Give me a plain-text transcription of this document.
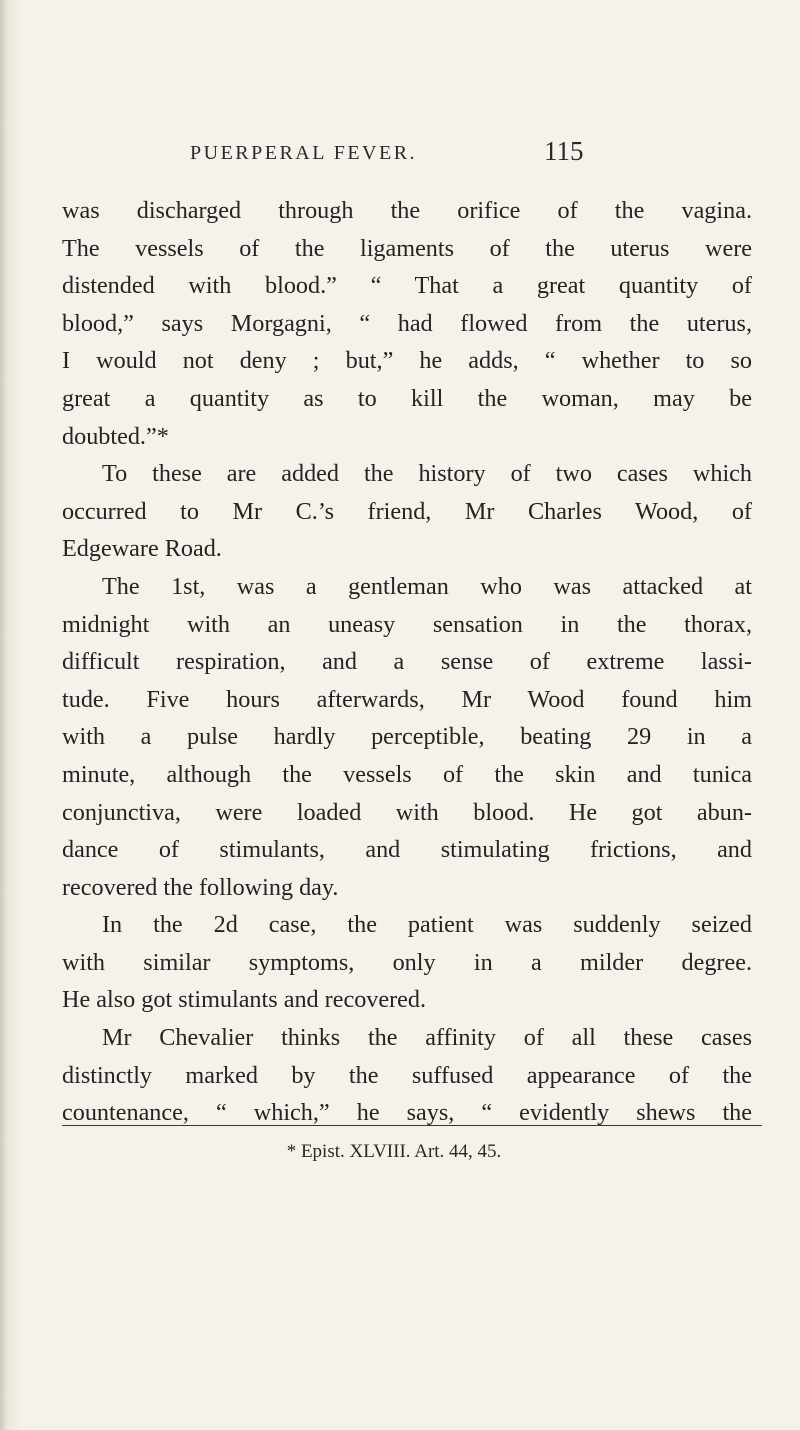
PUERPERAL FEVER.	115
was discharged through the orifice of the vagina.
The vessels of the ligaments of the uterus were
distended with blood.” “ That a great quantity of
blood,” says Morgagni, “ had flowed from the uterus,
I would not deny ; but,” he adds, “ whether to so
great a quantity as to kill the woman, may be
doubted.”*
To these are added the history of two cases which
occurred to Mr C.’s friend, Mr Charles Wood, of
Edgeware Road.
The 1st, was a gentleman who was attacked at
midnight with an uneasy sensation in the thorax,
difficult respiration, and a sense of extreme lassi-
tude. Five hours afterwards, Mr Wood found him
with a pulse hardly perceptible, beating 29 in a
minute, although the vessels of the skin and tunica
conjunctiva, were loaded with blood. He got abun-
dance of stimulants, and stimulating frictions, and
recovered the following day.
In the 2d case, the patient was suddenly seized
with similar symptoms, only in a milder degree.
He also got stimulants and recovered.
Mr Chevalier thinks the affinity of all these cases
distinctly marked by the suffused appearance of the
countenance, “ which,” he says, “ evidently shews the
* Epist. XLVIII. Art. 44, 45.
